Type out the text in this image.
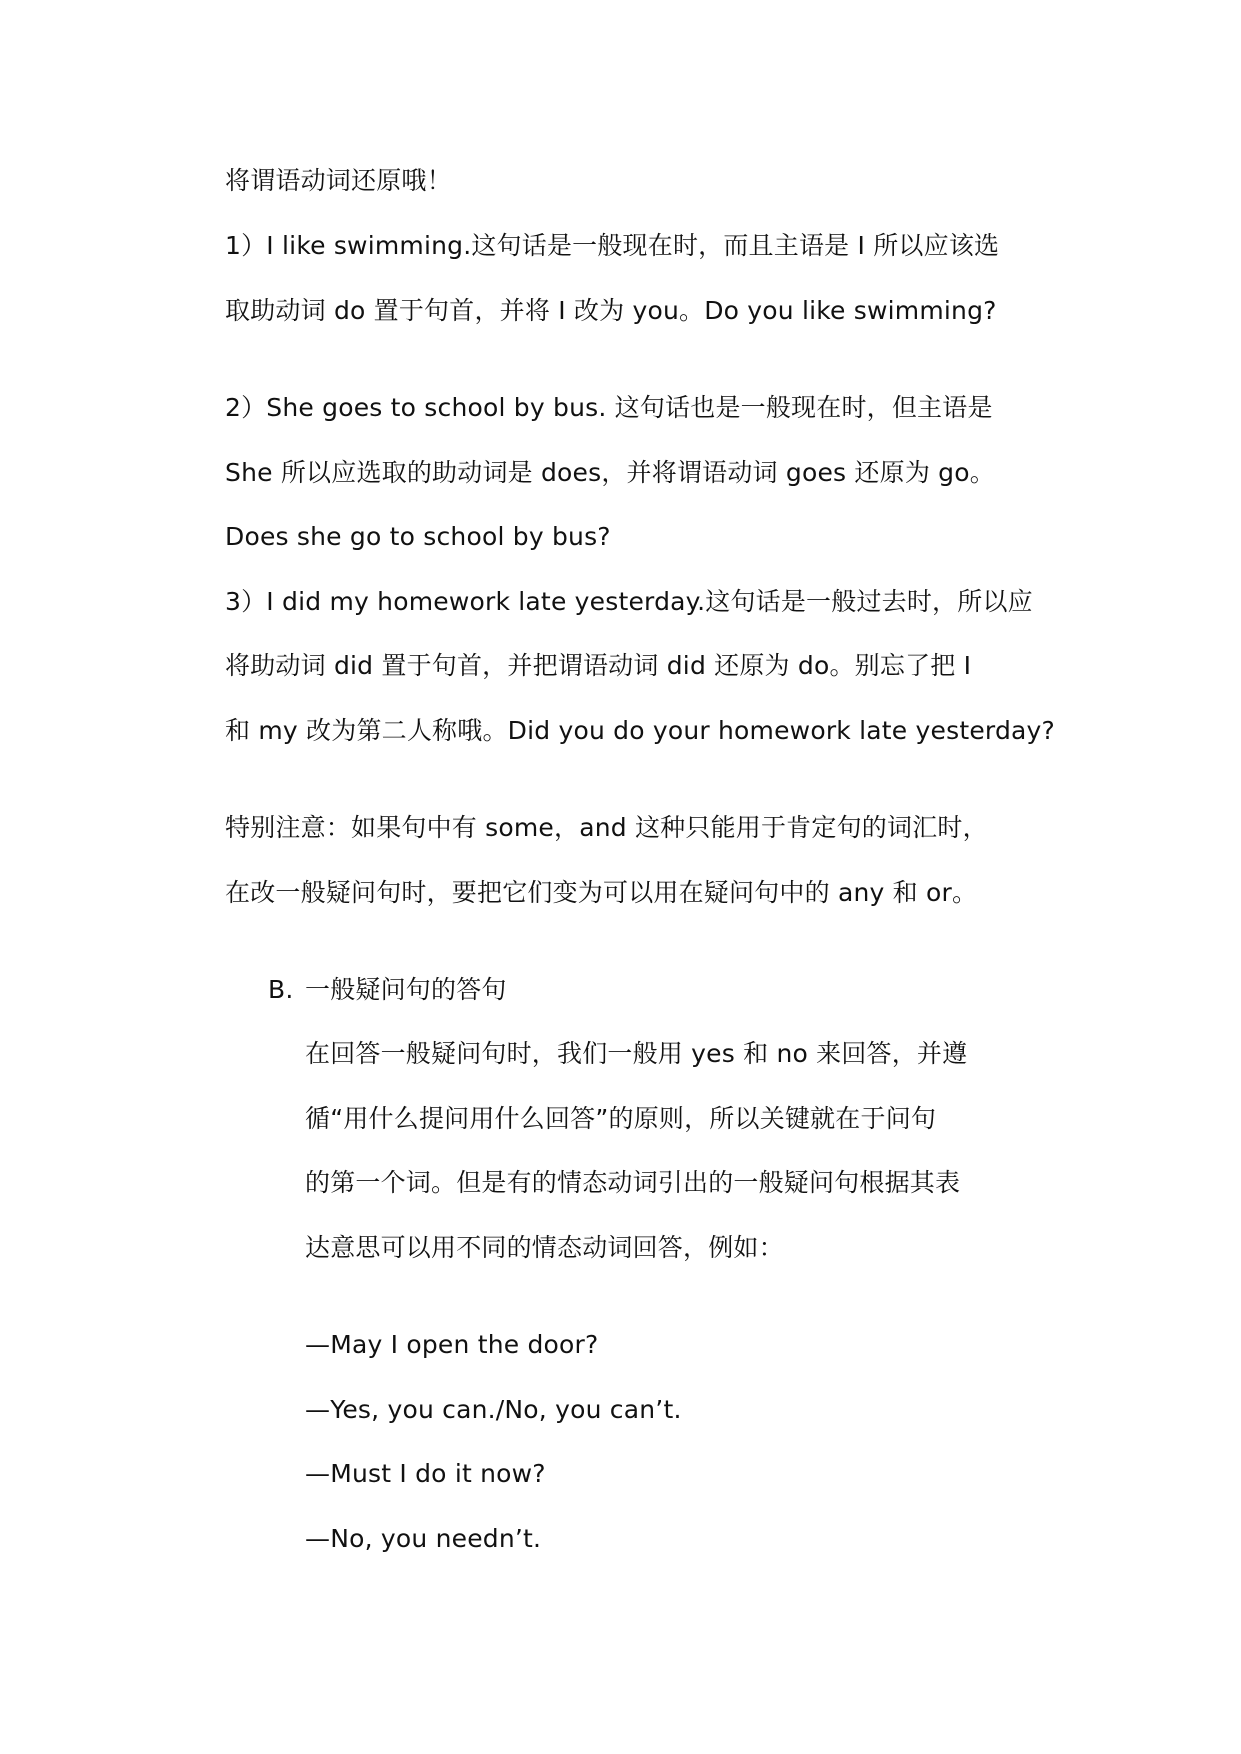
将谓语动词还原哦！
1）I like swimming.这句话是一般现在时，而且主语是 I 所以应该选
取助动词 do 置于句首，并将 I 改为 you。Do you like swimming?
2）She goes to school by bus. 这句话也是一般现在时，但主语是
She 所以应选取的助动词是 does，并将谓语动词 goes 还原为 go。
Does she go to school by bus?
3）I did my homework late yesterday.这句话是一般过去时，所以应
将助动词 did 置于句首，并把谓语动词 did 还原为 do。别忘了把 I
和 my 改为第二人称哦。Did you do your homework late yesterday?
特别注意：如果句中有 some，and 这种只能用于肯定句的词汇时，
在改一般疑问句时，要把它们变为可以用在疑问句中的 any 和 or。
B. 一般疑问句的答句
在回答一般疑问句时，我们一般用 yes 和 no 来回答，并遵
循“用什么提问用什么回答”的原则，所以关键就在于问句
的第一个词。但是有的情态动词引出的一般疑问句根据其表
达意思可以用不同的情态动词回答，例如：
—May I open the door?
—Yes, you can./No, you can’t.
—Must I do it now?
—No, you needn’t.
